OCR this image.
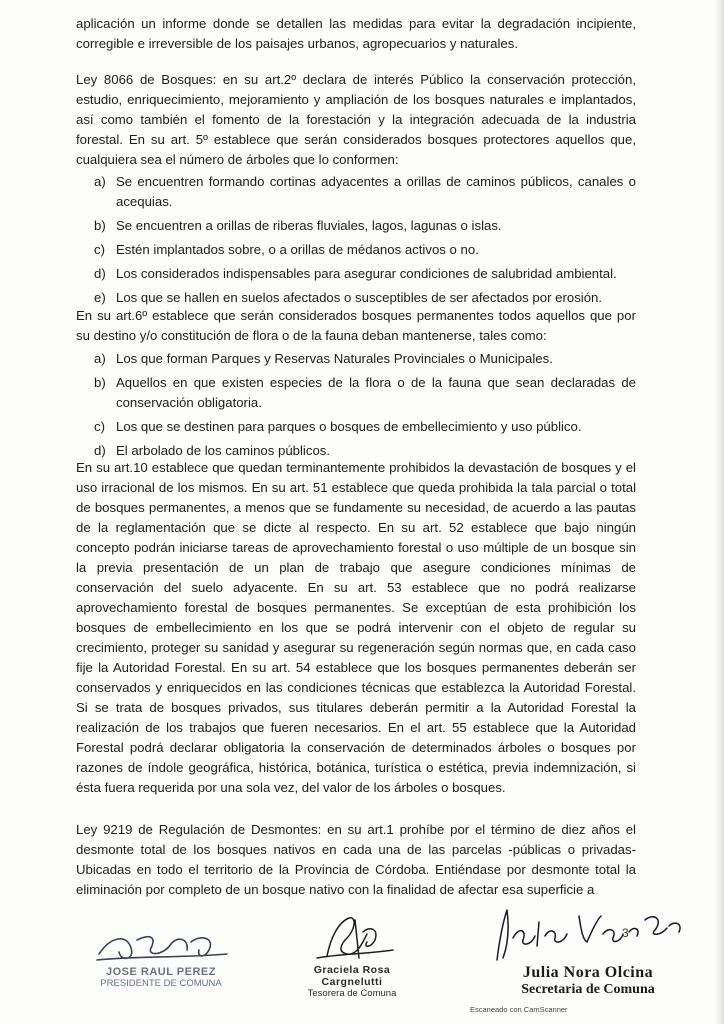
aplicación un informe donde se detallen las medidas para evitar la degradación incipiente, corregible e irreversible de los paisajes urbanos, agropecuarios y naturales.

Ley 8066 de Bosques: en su art.2º declara de interés Público la conservación protección, estudio, enriquecimiento, mejoramiento y ampliación de los bosques naturales e implantados, así como también el fomento de la forestación y la integración adecuada de la industria forestal. En su art. 5º establece que serán considerados bosques protectores aquellos que, cualquiera sea el número de árboles que lo conformen:

a) Se encuentren formando cortinas adyacentes a orillas de caminos públicos, canales o acequias.
b) Se encuentren a orillas de riberas fluviales, lagos, lagunas o islas.
c) Estén implantados sobre, o a orillas de médanos activos o no.
d) Los considerados indispensables para asegurar condiciones de salubridad ambiental.
e) Los que se hallen en suelos afectados o susceptibles de ser afectados por erosión.

En su art.6º establece que serán considerados bosques permanentes todos aquellos que por su destino y/o constitución de flora o de la fauna deban mantenerse, tales como:

a) Los que forman Parques y Reservas Naturales Provinciales o Municipales.
b) Aquellos en que existen especies de la flora o de la fauna que sean declaradas de conservación obligatoria.
c) Los que se destinen para parques o bosques de embellecimiento y uso público.
d) El arbolado de los caminos públicos.

En su art.10 establece que quedan terminantemente prohibidos la devastación de bosques y el uso irracional de los mismos. En su art. 51 establece que queda prohibida la tala parcial o total de bosques permanentes, a menos que se fundamente su necesidad, de acuerdo a las pautas de la reglamentación que se dicte al respecto. En su art. 52 establece que bajo ningún concepto podrán iniciarse tareas de aprovechamiento forestal o uso múltiple de un bosque sin la previa presentación de un plan de trabajo que asegure condiciones mínimas de conservación del suelo adyacente. En su art. 53 establece que no podrá realizarse aprovechamiento forestal de bosques permanentes. Se exceptúan de esta prohibición los bosques de embellecimiento en los que se podrá intervenir con el objeto de regular su crecimiento, proteger su sanidad y asegurar su regeneración según normas que, en cada caso fije la Autoridad Forestal. En su art. 54 establece que los bosques permanentes deberán ser conservados y enriquecidos en las condiciones técnicas que establezca la Autoridad Forestal. Si se trata de bosques privados, sus titulares deberán permitir a la Autoridad Forestal la realización de los trabajos que fueren necesarios. En el art. 55 establece que la Autoridad Forestal podrá declarar obligatoria la conservación de determinados árboles o bosques por razones de índole geográfica, histórica, botánica, turística o estética, previa indemnización, si ésta fuera requerida por una sola vez, del valor de los árboles o bosques.

Ley 9219 de Regulación de Desmontes: en su art.1 prohíbe por el término de diez años el desmonte total de los bosques nativos en cada una de las parcelas -públicas o privadas- Ubicadas en todo el territorio de la Provincia de Córdoba. Entiéndase por desmonte total la eliminación por completo de un bosque nativo con la finalidad de afectar esa superficie a

JOSE RAUL PEREZ
PRESIDENTE DE COMUNA
Graciela Rosa Cargnelutti
Tesorera de Comuna
Julia Nora Olcina
Secretaria de Comuna
3
Escaneado con CamScanner
